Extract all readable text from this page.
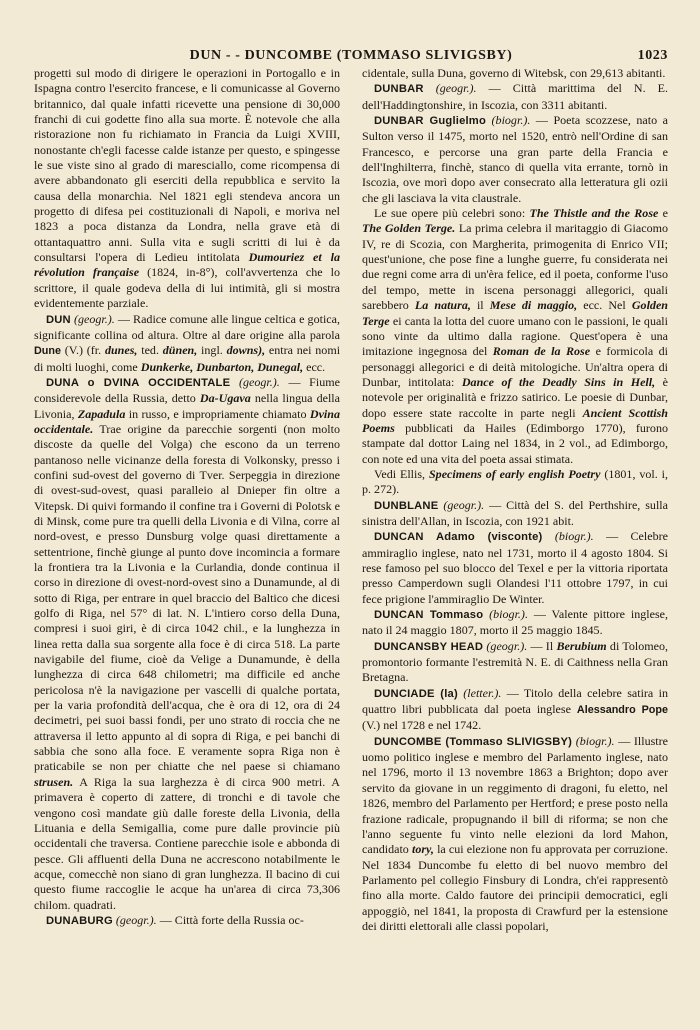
DUN - - DUNCOMBE (TOMMASO SLIVIGSBY)	1023

progetti sul modo di dirigere le operazioni in Portogallo e in Ispagna contro l'esercito francese, e li comunicasse al Governo britannico, dal quale infatti ricevette una pensione di 30,000 franchi di cui godette fino alla sua morte. È notevole che alla ristorazione non fu richiamato in Francia da Luigi XVIII, nonostante ch'egli facesse calde istanze per questo, e spingesse le sue viste sino al grado di maresciallo, come ricompensa di avere abbandonato gli eserciti della repubblica e servito la causa della monarchia. Nel 1821 egli stendeva ancora un progetto di difesa pei costituzionali di Napoli, e moriva nel 1823 a poca distanza da Londra, nella grave età di ottantaquattro anni. Sulla vita e sugli scritti di lui è da consultarsi l'opera di Ledieu intitolata Dumouriez et la révolution française (1824, in-8°), coll'avvertenza che lo scrittore, il quale godeva della di lui intimità, gli si mostra evidentemente parziale.

DUN (geogr.). — Radice comune alle lingue celtica e gotica, significante collina od altura. Oltre al dare origine alla parola Dune (V.) (fr. dunes, ted. dünen, ingl. downs), entra nei nomi di molti luoghi, come Dunkerke, Dunbarton, Dunegal, ecc.

DUNA o DVINA OCCIDENTALE (geogr.). — Fiume considerevole della Russia, detto Da-Ugava nella lingua della Livonia, Zapadula in russo, e impropriamente chiamato Dvina occidentale. Trae origine da parecchie sorgenti (non molto discoste da quelle del Volga) che escono da un terreno pantanoso nelle vicinanze della foresta di Volkonsky, presso i confini sud-ovest del governo di Tver. Serpeggia in direzione di ovest-sud-ovest, quasi paralleio al Dnieper fin oltre a Vitepsk. Di quivi formando il confine tra i Governi di Polotsk e di Minsk, come pure tra quelli della Livonia e di Vilna, corre al nord-ovest, e presso Dunsburg volge quasi direttamente a settentrione, finchè giunge al punto dove incomincia a formare la frontiera tra la Livonia e la Curlandia, donde continua il corso in direzione di ovest-nord-ovest sino a Dunamunde, al di sotto di Riga, per entrare in quel braccio del Baltico che dicesi golfo di Riga, nel 57° di lat. N. L'intiero corso della Duna, compresi i suoi giri, è di circa 1042 chil., e la lunghezza in linea retta dalla sua sorgente alla foce è di circa 518. La parte navigabile del fiume, cioè da Velige a Dunamunde, è della lunghezza di circa 648 chilometri; ma difficile ed anche pericolosa n'è la navigazione per vascelli di qualche portata, per la varia profondità dell'acqua, che è ora di 12, ora di 24 decimetri, pei suoi bassi fondi, per uno strato di roccia che ne attraversa il letto appunto al di sopra di Riga, e pei banchi di sabbia che sono alla foce. E veramente sopra Riga non è praticabile se non per chiatte che nel paese si chiamano strusen. A Riga la sua larghezza è di circa 900 metri. A primavera è coperto di zattere, di tronchi e di tavole che vengono così mandate giù dalle foreste della Livonia, della Lituania e della Semigallia, come pure dalle provincie più occidentali che traversa. Contiene parecchie isole e abbonda di pesce. Gli affluenti della Duna ne accrescono notabilmente le acque, comecchè non siano di gran lunghezza. Il bacino di cui questo fiume raccoglie le acque ha un'area di circa 73,306 chilom. quadrati.

DUNABURG (geogr.). — Città forte della Russia oc-

cidentale, sulla Duna, governo di Witebsk, con 29,613 abitanti.

DUNBAR (geogr.). — Città marittima del N. E. dell'Haddingtonshire, in Iscozia, con 3311 abitanti.

DUNBAR Guglielmo (biogr.). — Poeta scozzese, nato a Sulton verso il 1475, morto nel 1520, entrò nell'Ordine di san Francesco, e percorse una gran parte della Francia e dell'Inghilterra, finchè, stanco di quella vita errante, tornò in Iscozia, ove morì dopo aver consecrato alla letteratura gli ozii che gli lasciava la vita claustrale.

Le sue opere più celebri sono: The Thistle and the Rose e The Golden Terge. La prima celebra il maritaggio di Giacomo IV, re di Scozia, con Margherita, primogenita di Enrico VII; quest'unione, che pose fine a lunghe guerre, fu considerata nei due regni come arra di un'èra felice, ed il poeta, conforme l'uso del tempo, mette in iscena personaggi allegorici, quali sarebbero La natura, il Mese di maggio, ecc. Nel Golden Terge ei canta la lotta del cuore umano con le passioni, le quali sono vinte da ultimo dalla ragione. Quest'opera è una imitazione ingegnosa del Roman de la Rose e formicola di personaggi allegorici e di deità mitologiche. Un'altra opera di Dunbar, intitolata: Dance of the Deadly Sins in Hell, è notevole per originalità e frizzo satirico. Le poesie di Dunbar, dopo essere state raccolte in parte negli Ancient Scottish Poems pubblicati da Hailes (Edimborgo 1770), furono stampate dal dottor Laing nel 1834, in 2 vol., ad Edimborgo, con note ed una vita del poeta assai stimata.

Vedi Ellis, Specimens of early english Poetry (1801, vol. i, p. 272).

DUNBLANE (geogr.). — Città del S. del Perthshire, sulla sinistra dell'Allan, in Iscozia, con 1921 abit.

DUNCAN Adamo (visconte) (biogr.). — Celebre ammiraglio inglese, nato nel 1731, morto il 4 agosto 1804. Si rese famoso pel suo blocco del Texel e per la vittoria riportata presso Camperdown sugli Olandesi l'11 ottobre 1797, in cui fece prigione l'ammiraglio De Winter.

DUNCAN Tommaso (biogr.). — Valente pittore inglese, nato il 24 maggio 1807, morto il 25 maggio 1845.

DUNCANSBY HEAD (geogr.). — Il Berubium di Tolomeo, promontorio formante l'estremità N. E. di Caithness nella Gran Bretagna.

DUNCIADE (la) (letter.). — Titolo della celebre satira in quattro libri pubblicata dal poeta inglese Alessandro Pope (V.) nel 1728 e nel 1742.

DUNCOMBE (Tommaso SLIVIGSBY) (biogr.). — Illustre uomo politico inglese e membro del Parlamento inglese, nato nel 1796, morto il 13 novembre 1863 a Brighton; dopo aver servito da giovane in un reggimento di dragoni, fu eletto, nel 1826, membro del Parlamento per Hertford; e prese posto nella frazione radicale, propugnando il bill di riforma; se non che l'anno seguente fu vinto nelle elezioni da lord Mahon, candidato tory, la cui elezione non fu approvata per corruzione. Nel 1834 Duncombe fu eletto di bel nuovo membro del Parlamento pel collegio Finsbury di Londra, ch'ei rappresentò fino alla morte. Caldo fautore dei principii democratici, egli appoggiò, nel 1841, la proposta di Crawfurd per la estensione dei diritti elettorali alle classi popolari,
